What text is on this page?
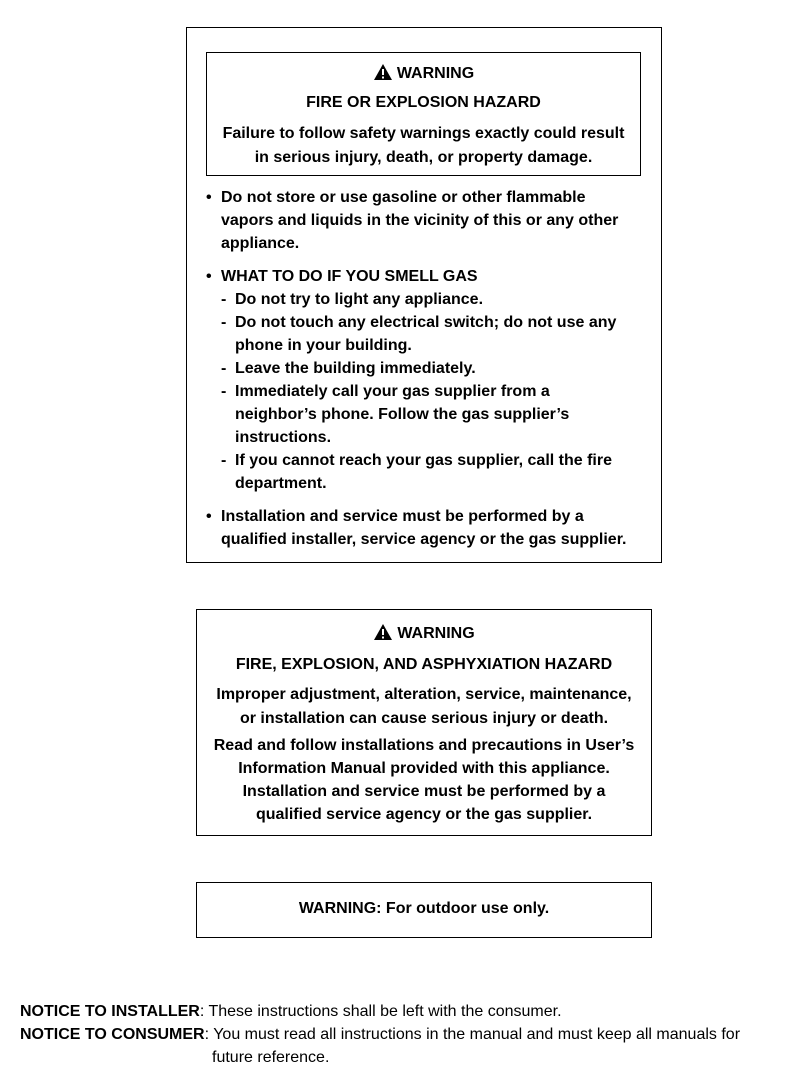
WARNING
FIRE OR EXPLOSION HAZARD
Failure to follow safety warnings exactly could result
in serious injury, death, or property damage.
• Do not store or use gasoline or other flammable
vapors and liquids in the vicinity of this or any other
appliance.
• WHAT TO DO IF YOU SMELL GAS
- Do not try to light any appliance.
- Do not touch any electrical switch; do not use any
phone in your building.
- Leave the building immediately.
- Immediately call your gas supplier from a
neighbor’s phone. Follow the gas supplier’s
instructions.
- If you cannot reach your gas supplier, call the fire
department.
• Installation and service must be performed by a
qualified installer, service agency or the gas supplier.
WARNING
FIRE, EXPLOSION, AND ASPHYXIATION HAZARD
Improper adjustment, alteration, service, maintenance,
or installation can cause serious injury or death.
Read and follow installations and precautions in User’s
Information Manual provided with this appliance.
Installation and service must be performed by a
qualified service agency or the gas supplier.
WARNING: For outdoor use only.
NOTICE TO INSTALLER: These instructions shall be left with the consumer.
NOTICE TO CONSUMER: You must read all instructions in the manual and must keep all manuals for
future reference.
